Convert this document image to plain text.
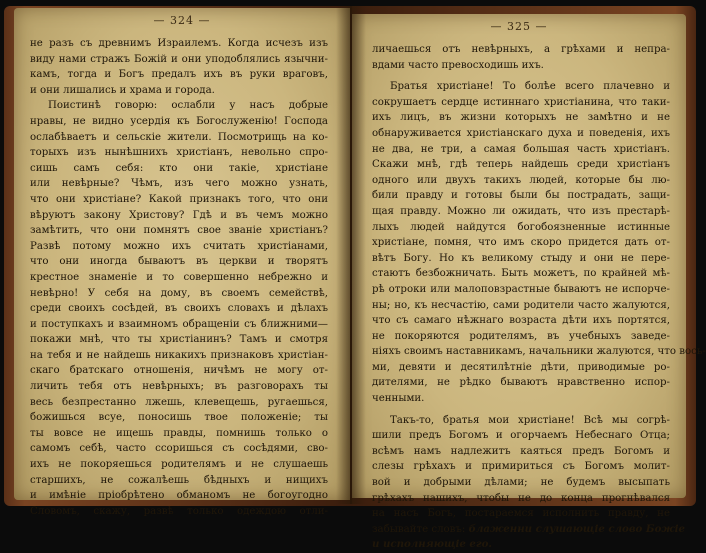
— 324 —
не разъ съ древнимъ Израилемъ. Когда исчезъ изъ
виду нами стражъ Божій и они уподоблялись язычни-
камъ, тогда и Богъ предалъ ихъ въ руки враговъ,
и они лишались и храма и города.
Поистинѣ говорю: ослабли у насъ добрые
нравы, не видно усердія къ Богослуженію! Господа
ослабѣваетъ и сельскіе жители. Посмотрищь на ко-
торыхъ изъ нынѣшнихъ христіанъ, невольно спро-
сишь самъ себя: кто они такіе, христіане
или невѣрные? Чѣмъ, изъ чего можно узнать,
что они христіане? Какой признакъ того, что они
вѣруютъ закону Христову? Гдѣ и въ чемъ можно
замѣтить, что они помнятъ свое званіе христіанъ?
Развѣ потому можно ихъ считать христіанами,
что они иногда бываютъ въ церкви и творятъ
крестное знаменіе и то совершенно небрежно и
невѣрно! У себя на дому, въ своемъ семействѣ,
среди своихъ сосѣдей, въ своихъ словахъ и дѣлахъ
и поступкахъ и взаимномъ обращеніи съ ближними—
покажи мнѣ, что ты христіанинъ? Тамъ и смотря
на тебя и не найдешь никакихъ признаковъ христіан-
скаго братскаго отношенія, ничѣмъ не могу от-
личить тебя отъ невѣрныхъ; въ разговорахъ ты
весь безпрестанно лжешь, клевещешь, ругаешься,
божишься всуе, поносишь твое положеніе; ты
ты вовсе не ищешь правды, помнишь только о
самомъ себѣ, часто ссоришься съ сосѣдями, сво-
ихъ не покоряешься родителямъ и не слушаешь
старшихъ, не сожалѣешь бѣдныхъ и нищихъ
и имѣніе пріобрѣтено обманомъ не богоугодно
Словомъ, скажу, развѣ только одеждою отли-
— 325 —
личаешься отъ невѣрныхъ, а грѣхами и непра-
вдами часто превосходишь ихъ.
Братья христіане! То болѣе всего плачевно и
сокрушаетъ сердце истиннаго христіанина, что таки-
ихъ лицъ, въ жизни которыхъ не замѣтно и не
обнаруживается христіанскаго духа и поведенія, ихъ
не два, не три, а самая большая часть христіанъ.
Скажи мнѣ, гдѣ теперь найдешь среди христіанъ
одного или двухъ такихъ людей, которые бы лю-
били правду и готовы были бы пострадать, защи-
щая правду. Можно ли ожидать, что изъ престарѣ-
лыхъ людей найдутся богобоязненные истинные
христіане, помня, что имъ скоро придется дать от-
вѣтъ Богу. Но къ великому стыду и они не пере-
стаютъ безбожничать. Быть можетъ, по крайней мѣ-
рѣ отроки или малоповзрастные бываютъ не испорче-
ны; но, къ несчастію, сами родители часто жалуются,
что съ самаго нѣжнаго возраста дѣти ихъ портятся,
не покоряются родителямъ, въ учебныхъ заведе-
ніяхъ своимъ наставникамъ, начальники жалуются, что вось-
ми, девяти и десятилѣтніе дѣти, приводимые ро-
дителями, не рѣдко бываютъ нравственно испор-
ченными.
Такъ-то, братья мои христіане! Всѣ мы согрѣ-
шили предъ Богомъ и огорчаемъ Небеснаго Отца;
всѣмъ намъ надлежитъ каяться предъ Богомъ и
слезы грѣхахъ и примириться съ Богомъ молит-
вой и добрыми дѣлами; не будемъ высыпать
грѣхахъ нашихъ, чтобы не до конца прогнѣвался
на насъ Богъ, постараемся исполнить правду, не
забывайте словъ: блаженни слушающіе слово Божіе
и исполняющіе его.
